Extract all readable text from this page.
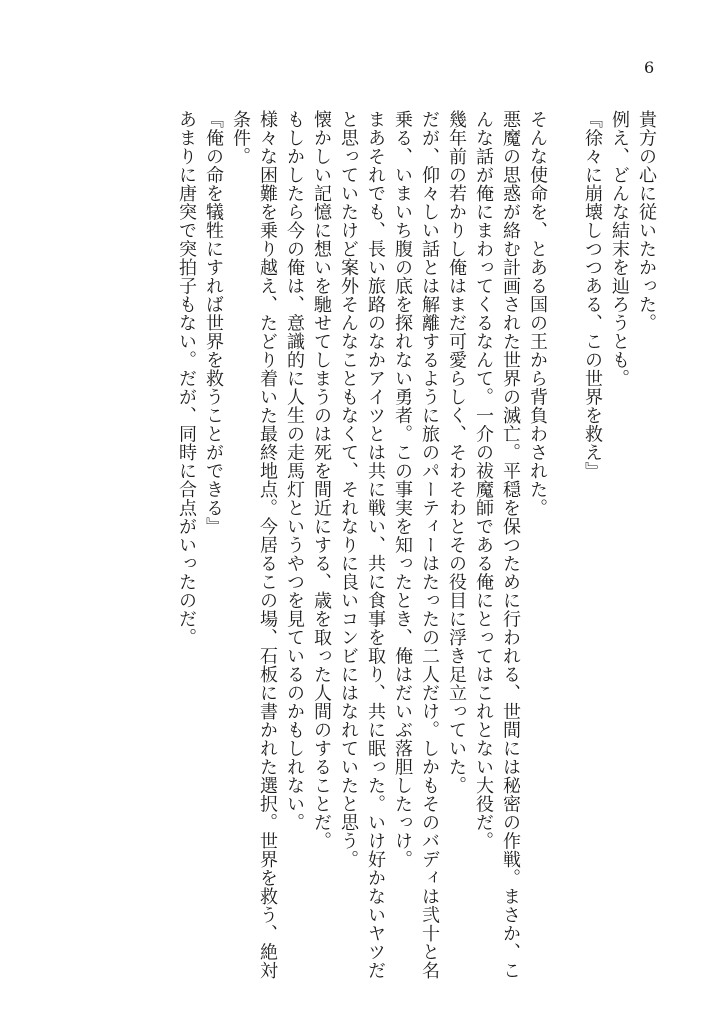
6

貴方の心に従いたかった。

例え、どんな結末を辿ろうとも。

『徐々に崩壊しつつある、この世界を救え』

そんな使命を、とある国の王から背負わされた。

悪魔の思惑が絡む計画された世界の滅亡。平穏を保つために行われる、世間には秘密の作戦。まさか、こんな話が俺にまわってくるなんて。一介の祓魔師である俺にとってはこれとない大役だ。

幾年前の若かりし俺はまだ可愛らしく、そわそわとその役目に浮き足立っていた。

だが、仰々しい話とは解離するように旅のパーティーはたったの二人だけ。しかもそのバディは弐十と名乗る、いまいち腹の底を探れない勇者。この事実を知ったとき、俺はだいぶ落胆したっけ。

まあそれでも、長い旅路のなかアイツとは共に戦い、共に食事を取り、共に眠った。いけ好かないヤツだと思っていたけど案外そんなこともなくて、それなりに良いコンビにはなれていたと思う。

懐かしい記憶に想いを馳せてしまうのは死を間近にする、歳を取った人間のすることだ。

もしかしたら今の俺は、意識的に人生の走馬灯というやつを見ているのかもしれない。

様々な困難を乗り越え、たどり着いた最終地点。今居るこの場、石板に書かれた選択。世界を救う、絶対条件。

『俺の命を犠牲にすれば世界を救うことができる』

あまりに唐突で突拍子もない。だが、同時に合点がいったのだ。
